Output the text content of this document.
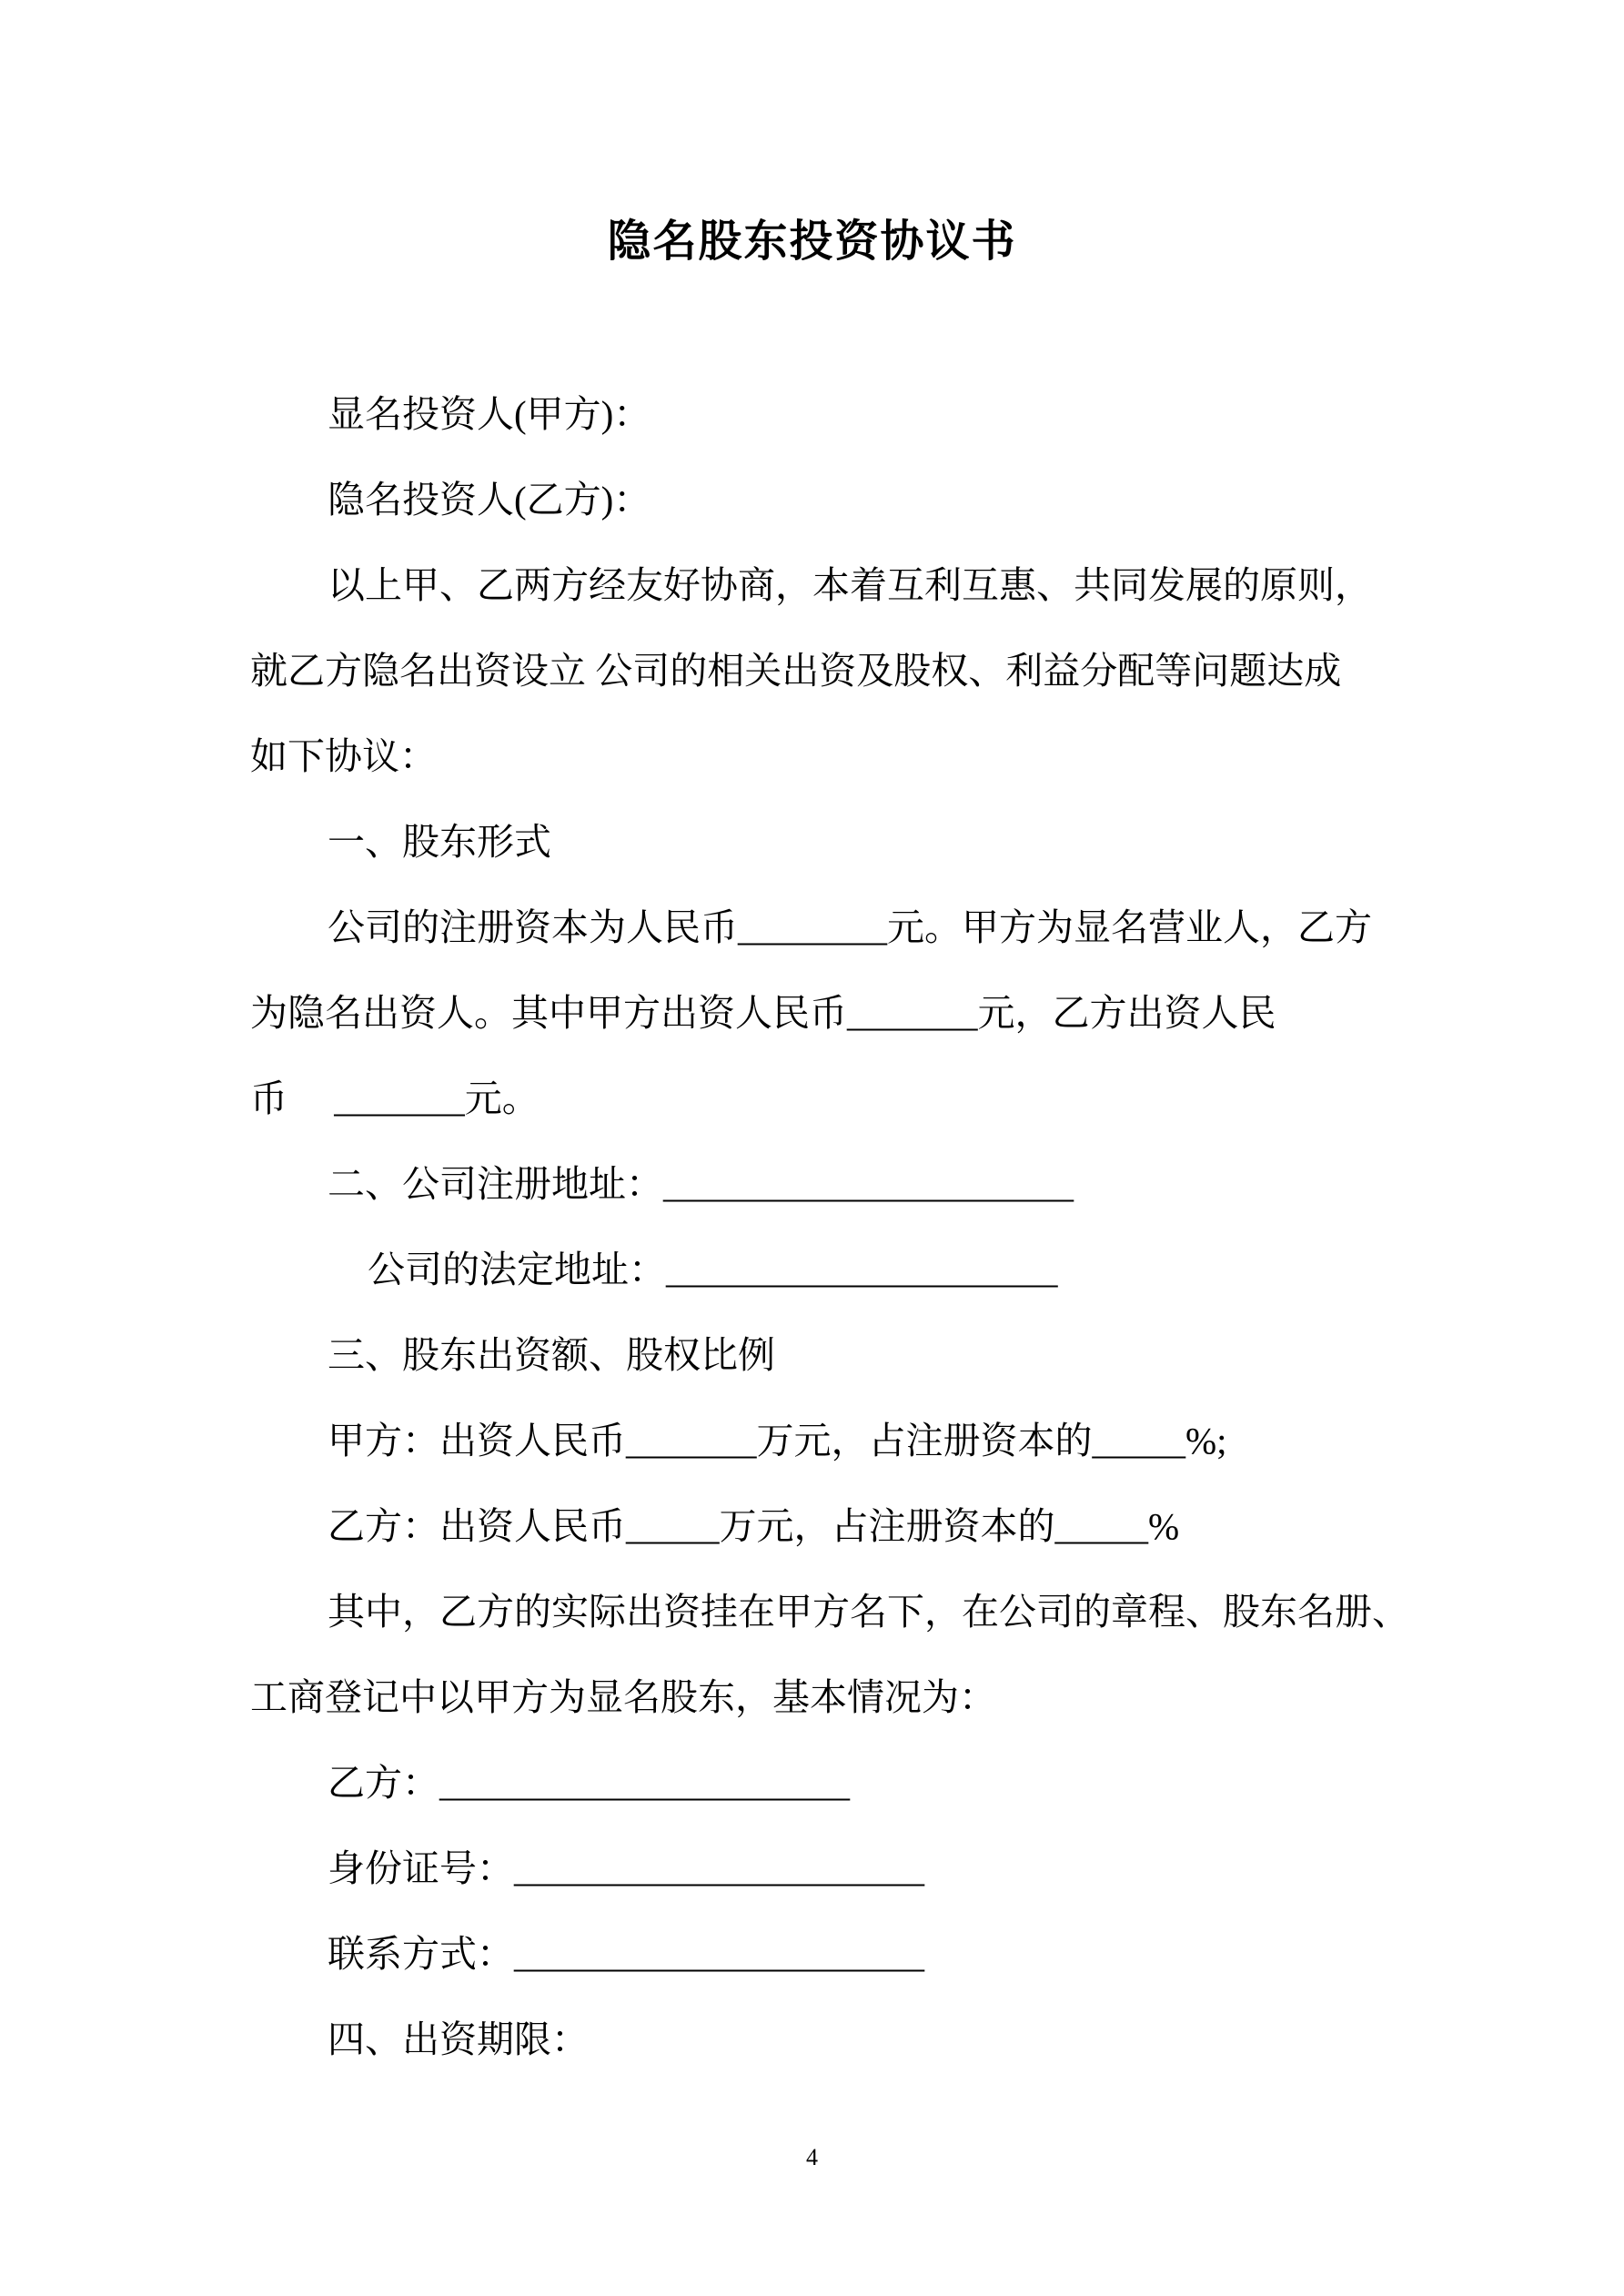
隐名股东投资协议书
显名投资人(甲方)：
隐名投资人(乙方)：
以上甲、乙两方经友好协商，本着互利互惠、共同发展的原则，
就乙方隐名出资设立 公司的相关出资及股权、利益分配等问题达成
如下协议：
一、股东形式
公司的注册资本为人民币________元。甲方为显名营业人，乙方
为隐名出资人。其中甲方出资人民币_______元，乙方出资人民
币　 _______元。
二、公司注册地址：______________________
公司的法定地址：_____________________
三、股东出资额、股权比例
甲方：出资人民币_______万元，占注册资本的_____%;
乙方：出资人民币_____万元，占注册资本的_____%
其中，乙方的实际出资挂在甲方名下，在公司的章程、股东名册、
工商登记中以甲方为显名股东，基本情况为：
乙方：______________________
身份证号：______________________
联系方式：______________________
四、出资期限：
4
